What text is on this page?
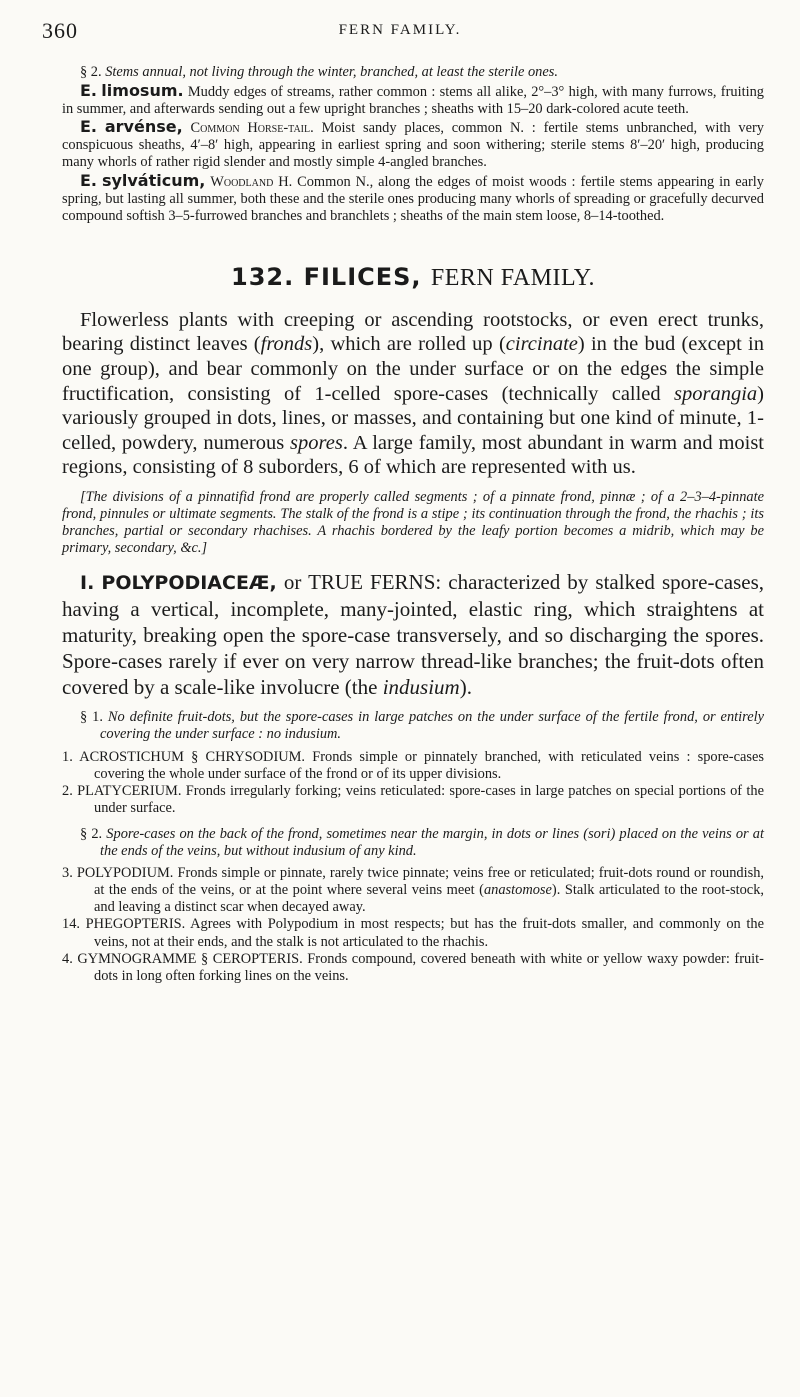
360	FERN FAMILY.

§ 2. Stems annual, not living through the winter, branched, at least the sterile ones.

E. limosum. Muddy edges of streams, rather common : stems all alike, 2°–3° high, with many furrows, fruiting in summer, and afterwards sending out a few upright branches ; sheaths with 15–20 dark-colored acute teeth.

E. arvénse, Common Horse-tail. Moist sandy places, common N. : fertile stems unbranched, with very conspicuous sheaths, 4′–8′ high, appearing in earliest spring and soon withering; sterile stems 8′–20′ high, producing many whorls of rather rigid slender and mostly simple 4-angled branches.

E. sylváticum, Woodland H. Common N., along the edges of moist woods : fertile stems appearing in early spring, but lasting all summer, both these and the sterile ones producing many whorls of spreading or gracefully decurved compound softish 3–5-furrowed branches and branchlets ; sheaths of the main stem loose, 8–14-toothed.

132. FILICES, FERN FAMILY.

Flowerless plants with creeping or ascending rootstocks, or even erect trunks, bearing distinct leaves (fronds), which are rolled up (circinate) in the bud (except in one group), and bear commonly on the under surface or on the edges the simple fructification, consisting of 1-celled spore-cases (technically called sporangia) variously grouped in dots, lines, or masses, and containing but one kind of minute, 1-celled, powdery, numerous spores. A large family, most abundant in warm and moist regions, consisting of 8 suborders, 6 of which are represented with us.

[The divisions of a pinnatifid frond are properly called segments ; of a pinnate frond, pinnæ ; of a 2–3–4-pinnate frond, pinnules or ultimate segments. The stalk of the frond is a stipe ; its continuation through the frond, the rhachis ; its branches, partial or secondary rhachises. A rhachis bordered by the leafy portion becomes a midrib, which may be primary, secondary, &c.]

I. POLYPODIACEÆ, or TRUE FERNS: characterized by stalked spore-cases, having a vertical, incomplete, many-jointed, elastic ring, which straightens at maturity, breaking open the spore-case transversely, and so discharging the spores. Spore-cases rarely if ever on very narrow thread-like branches; the fruit-dots often covered by a scale-like involucre (the indusium).

§ 1. No definite fruit-dots, but the spore-cases in large patches on the under surface of the fertile frond, or entirely covering the under surface : no indusium.

1. ACROSTICHUM § CHRYSODIUM. Fronds simple or pinnately branched, with reticulated veins : spore-cases covering the whole under surface of the frond or of its upper divisions.

2. PLATYCERIUM. Fronds irregularly forking; veins reticulated: spore-cases in large patches on special portions of the under surface.

§ 2. Spore-cases on the back of the frond, sometimes near the margin, in dots or lines (sori) placed on the veins or at the ends of the veins, but without indusium of any kind.

3. POLYPODIUM. Fronds simple or pinnate, rarely twice pinnate; veins free or reticulated; fruit-dots round or roundish, at the ends of the veins, or at the point where several veins meet (anastomose). Stalk articulated to the root-stock, and leaving a distinct scar when decayed away.

14. PHEGOPTERIS. Agrees with Polypodium in most respects; but has the fruit-dots smaller, and commonly on the veins, not at their ends, and the stalk is not articulated to the rhachis.

4. GYMNOGRAMME § CEROPTERIS. Fronds compound, covered beneath with white or yellow waxy powder: fruit-dots in long often forking lines on the veins.
